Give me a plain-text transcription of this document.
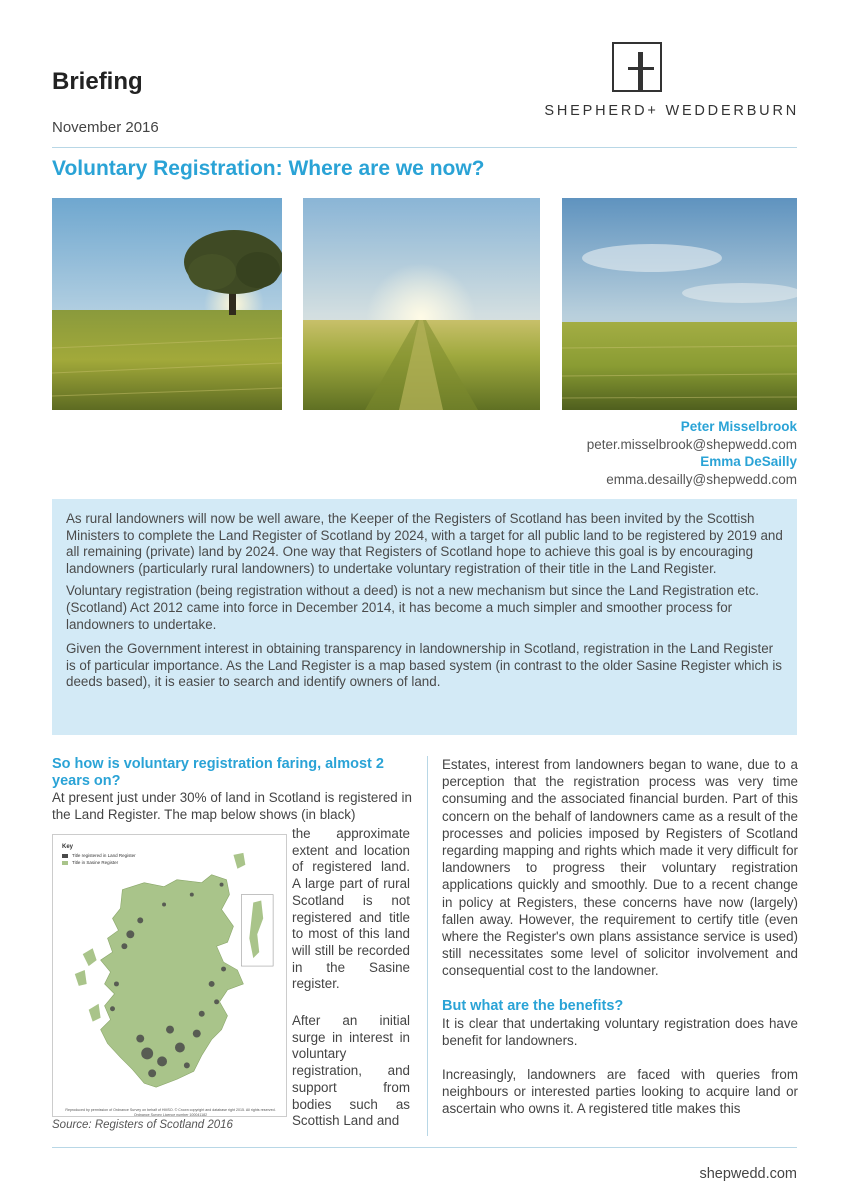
Briefing
November 2016
SHEPHERD+ WEDDERBURN
Voluntary Registration: Where are we now?
Peter Misselbrook
peter.misselbrook@shepwedd.com
Emma DeSailly
emma.desailly@shepwedd.com

As rural landowners will now be well aware, the Keeper of the Registers of Scotland has been invited by the Scottish Ministers to complete the Land Register of Scotland by 2024, with a target for all public land to be registered by 2019 and all remaining (private) land by 2024. One way that Registers of Scotland hope to achieve this goal is by encouraging landowners (particularly rural landowners) to undertake voluntary registration of their title in the Land Register.

Voluntary registration (being registration without a deed) is not a new mechanism but since the Land Registration etc. (Scotland) Act 2012 came into force in December 2014, it has become a much simpler and smoother process for landowners to undertake.

Given the Government interest in obtaining transparency in landownership in Scotland, registration in the Land Register is of particular importance. As the Land Register is a map based system (in contrast to the older Sasine Register which is deeds based), it is easier to search and identify owners of land.

So how is voluntary registration faring, almost 2 years on?

At present just under 30% of land in Scotland is registered in the Land Register. The map below shows (in black)

Key
Title registered in Land Register
Title in Sasine Register
Reproduced by permission of Ordnance Survey on behalf of HMSO. © Crown copyright and database right 2015. All rights reserved. Ordnance Survey Licence number 100041182
Source: Registers of Scotland 2016

the approximate extent and location of registered land. A large part of rural Scotland is not registered and title to most of this land will still be recorded in the Sasine register.

After an initial surge in interest in voluntary registration, and support from bodies such as Scottish Land and

Estates, interest from landowners began to wane, due to a perception that the registration process was very time consuming and the associated financial burden. Part of this concern on the behalf of landowners came as a result of the processes and policies imposed by Registers of Scotland regarding mapping and rights which made it very difficult for landowners to progress their voluntary registration applications quickly and smoothly. Due to a recent change in policy at Registers, these concerns have now (largely) fallen away. However, the requirement to certify title (even where the Register's own plans assistance service is used) still necessitates some level of solicitor involvement and consequential cost to the landowner.

But what are the benefits?

It is clear that undertaking voluntary registration does have benefit for landowners.

Increasingly, landowners are faced with queries from neighbours or interested parties looking to acquire land or ascertain who owns it. A registered title makes this

shepwedd.com
